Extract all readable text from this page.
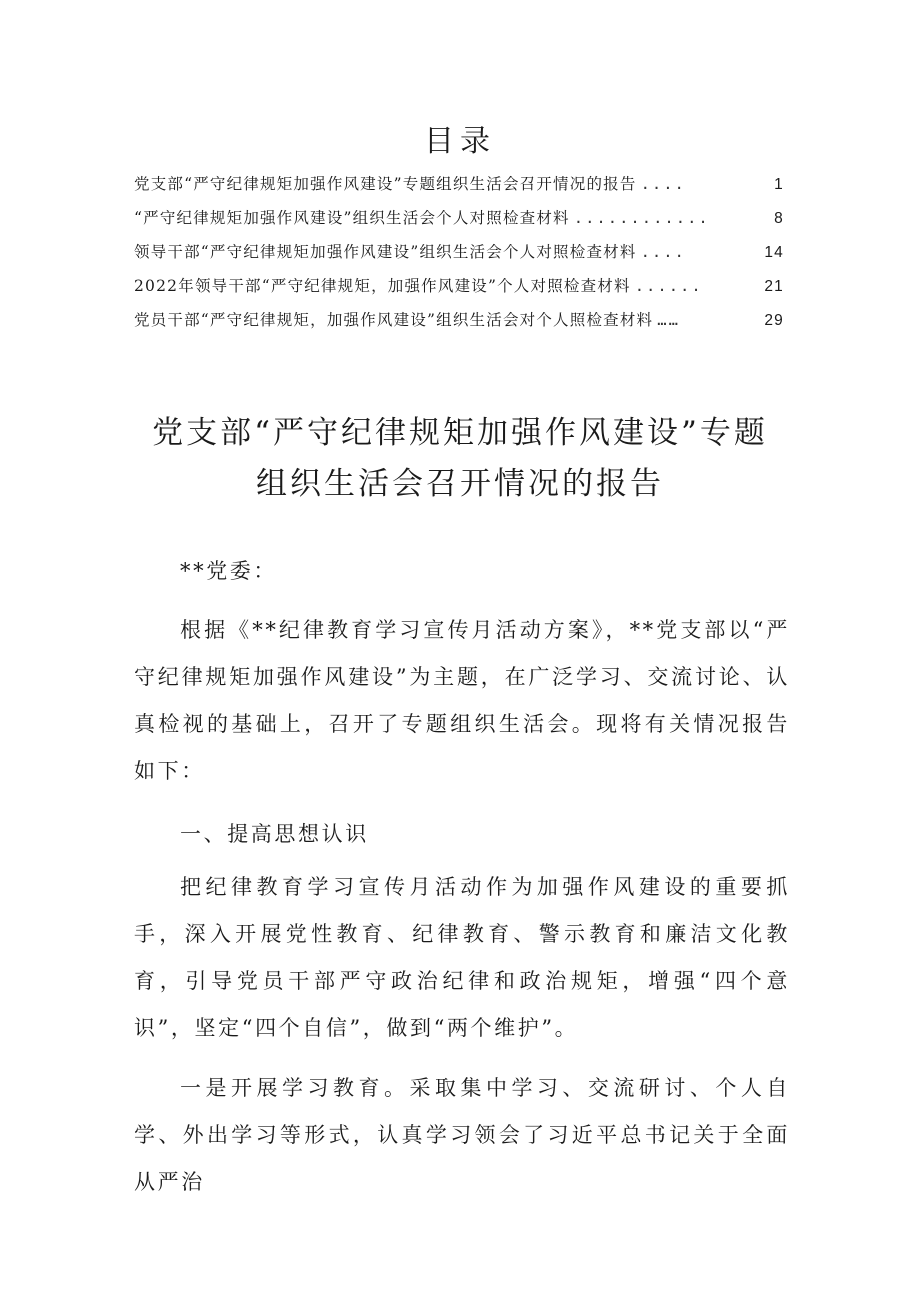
目录
党支部“严守纪律规矩加强作风建设”专题组织生活会召开情况的报告 ....	1
“严守纪律规矩加强作风建设”组织生活会个人对照检查材料 ............	8
领导干部“严守纪律规矩加强作风建设”组织生活会个人对照检查材料 ....	14
2022年领导干部“严守纪律规矩，加强作风建设”个人对照检查材料 ......	21
党员干部“严守纪律规矩，加强作风建设”组织生活会对个人照检查材料 ……	29
党支部“严守纪律规矩加强作风建设”专题
组织生活会召开情况的报告
**党委：
根据《**纪律教育学习宣传月活动方案》，**党支部以“严守纪律规矩加强作风建设”为主题，在广泛学习、交流讨论、认真检视的基础上，召开了专题组织生活会。现将有关情况报告如下：
一、提高思想认识
把纪律教育学习宣传月活动作为加强作风建设的重要抓手，深入开展党性教育、纪律教育、警示教育和廉洁文化教育，引导党员干部严守政治纪律和政治规矩，增强“四个意识”，坚定“四个自信”，做到“两个维护”。
一是开展学习教育。采取集中学习、交流研讨、个人自学、外出学习等形式，认真学习领会了习近平总书记关于全面从严治
